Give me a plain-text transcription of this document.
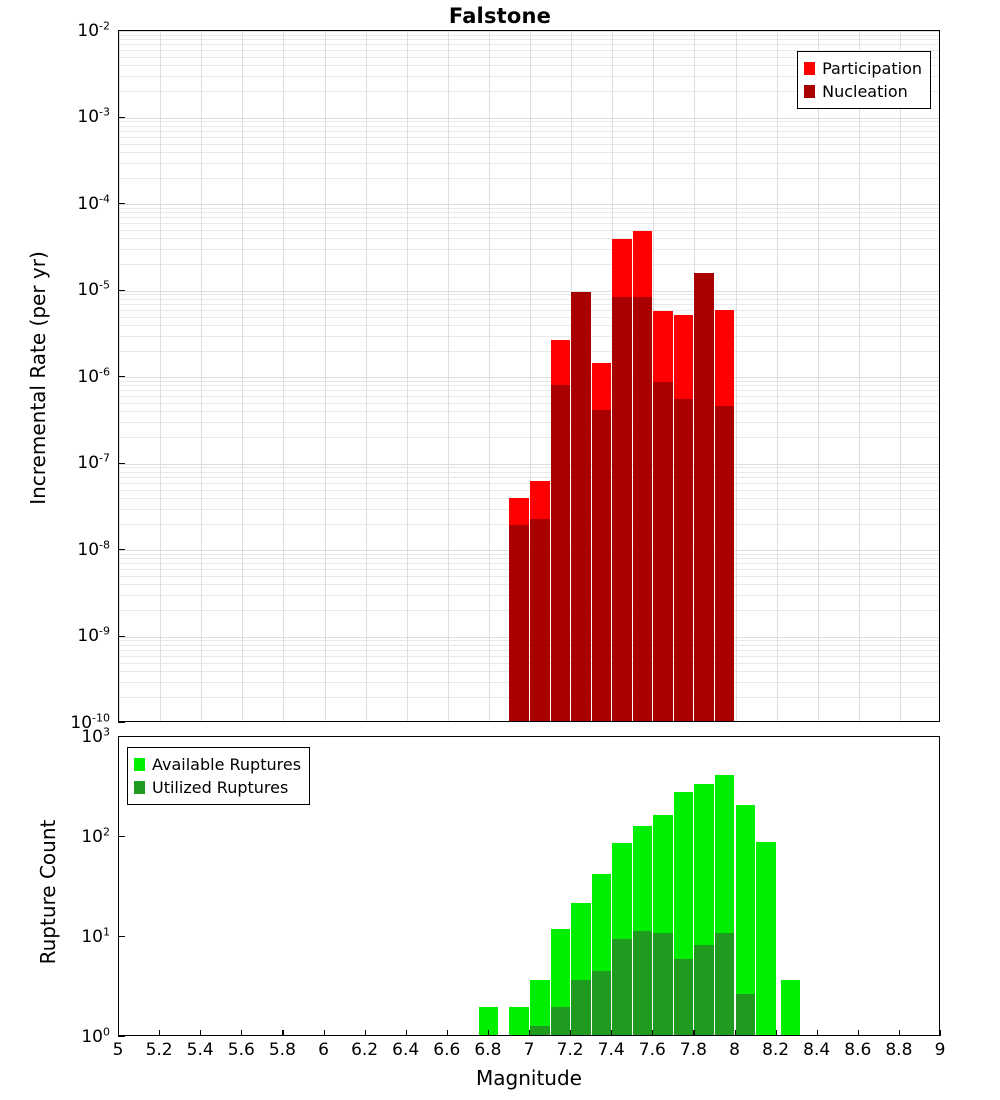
Falstone
Participation
Nucleation
Incremental Rate (per yr)
Available Ruptures
Utilized Ruptures
Rupture Count
Magnitude
$10^{-10}$
$10^{-9}$
$10^{-8}$
$10^{-7}$
$10^{-6}$
$10^{-5}$
$10^{-4}$
$10^{-3}$
$10^{-2}$
$10^0$
$10^1$
$10^2$
$10^3$
5 5.2 5.4 5.6 5.8 6 6.2 6.4 6.6 6.8 7 7.2 7.4 7.6 7.8 8 8.2 8.4 8.6 8.8 9
